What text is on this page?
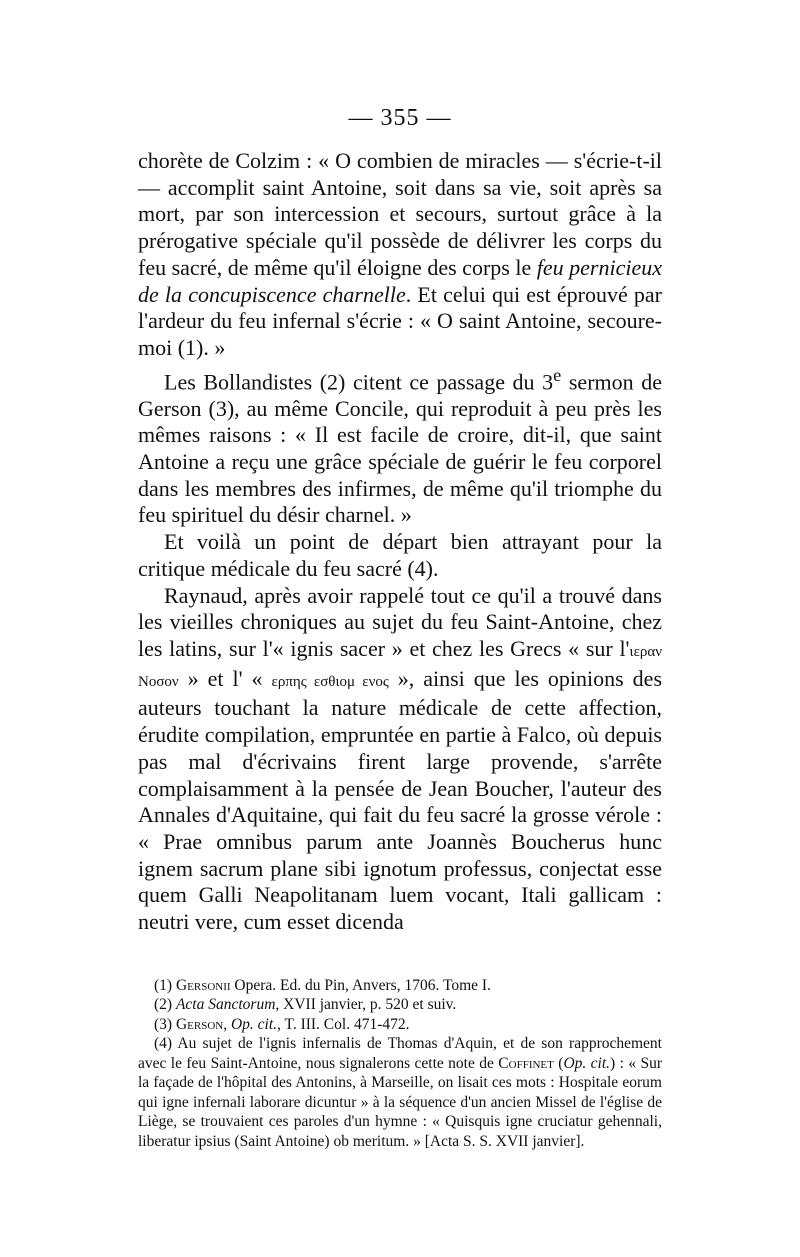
— 355 —

chorète de Colzim : « O combien de miracles — s'écrie-t-il — accomplit saint Antoine, soit dans sa vie, soit après sa mort, par son intercession et secours, surtout grâce à la prérogative spéciale qu'il possède de délivrer les corps du feu sacré, de même qu'il éloigne des corps le feu pernicieux de la concupiscence charnelle. Et celui qui est éprouvé par l'ardeur du feu infernal s'écrie : « O saint Antoine, secoure-moi (1). »

Les Bollandistes (2) citent ce passage du 3e sermon de Gerson (3), au même Concile, qui reproduit à peu près les mêmes raisons : « Il est facile de croire, dit-il, que saint Antoine a reçu une grâce spéciale de guérir le feu corporel dans les membres des infirmes, de même qu'il triomphe du feu spirituel du désir charnel. »

Et voilà un point de départ bien attrayant pour la critique médicale du feu sacré (4).

Raynaud, après avoir rappelé tout ce qu'il a trouvé dans les vieilles chroniques au sujet du feu Saint-Antoine, chez les latins, sur l'« ignis sacer » et chez les Grecs « sur l'ιεραν Νοσον » et l' « ερπης εσθιομ ενος », ainsi que les opinions des auteurs touchant la nature médicale de cette affection, érudite compilation, empruntée en partie à Falco, où depuis pas mal d'écrivains firent large provende, s'arrête complaisamment à la pensée de Jean Boucher, l'auteur des Annales d'Aquitaine, qui fait du feu sacré la grosse vérole : « Prae omnibus parum ante Joannès Boucherus hunc ignem sacrum plane sibi ignotum professus, conjectat esse quem Galli Neapolitanam luem vocant, Itali gallicam : neutri vere, cum esset dicenda

(1) Gersonii Opera. Ed. du Pin, Anvers, 1706. Tome I.

(2) Acta Sanctorum, XVII janvier, p. 520 et suiv.

(3) Gerson, Op. cit., T. III. Col. 471-472.

(4) Au sujet de l'ignis infernalis de Thomas d'Aquin, et de son rapprochement avec le feu Saint-Antoine, nous signalerons cette note de Coffinet (Op. cit.) : « Sur la façade de l'hôpital des Antonins, à Marseille, on lisait ces mots : Hospitale eorum qui igne infernali laborare dicuntur » à la séquence d'un ancien Missel de l'église de Liège, se trouvaient ces paroles d'un hymne : « Quisquis igne cruciatur gehennali, liberatur ipsius (Saint Antoine) ob meritum. » [Acta S. S. XVII janvier].
